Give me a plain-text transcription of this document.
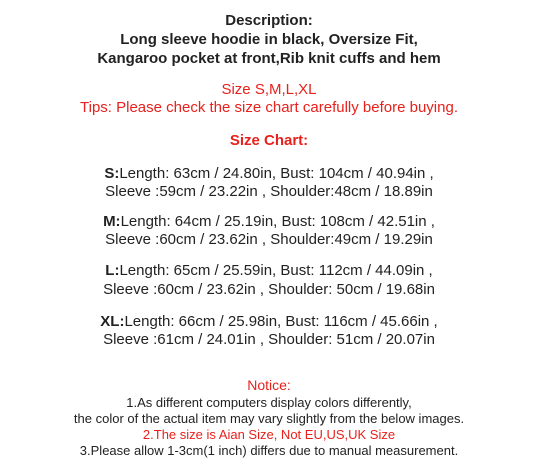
Description:
Long sleeve hoodie in black, Oversize Fit,
Kangaroo pocket at front,Rib knit cuffs and hem
Size S,M,L,XL
Tips: Please check the size chart carefully before buying.
Size Chart:
S:Length: 63cm / 24.80in, Bust: 104cm / 40.94in ,
Sleeve :59cm / 23.22in , Shoulder:48cm / 18.89in
M:Length: 64cm / 25.19in, Bust: 108cm / 42.51in ,
Sleeve :60cm / 23.62in , Shoulder:49cm / 19.29in
L:Length: 65cm / 25.59in, Bust: 112cm / 44.09in ,
Sleeve :60cm / 23.62in , Shoulder: 50cm / 19.68in
XL:Length: 66cm / 25.98in, Bust: 116cm / 45.66in ,
Sleeve :61cm / 24.01in , Shoulder: 51cm / 20.07in
Notice:
1.As different computers display colors differently,
the color of the actual item may vary slightly from the below images.
2.The size is Aian Size, Not EU,US,UK Size
3.Please allow 1-3cm(1 inch) differs due to manual measurement.
